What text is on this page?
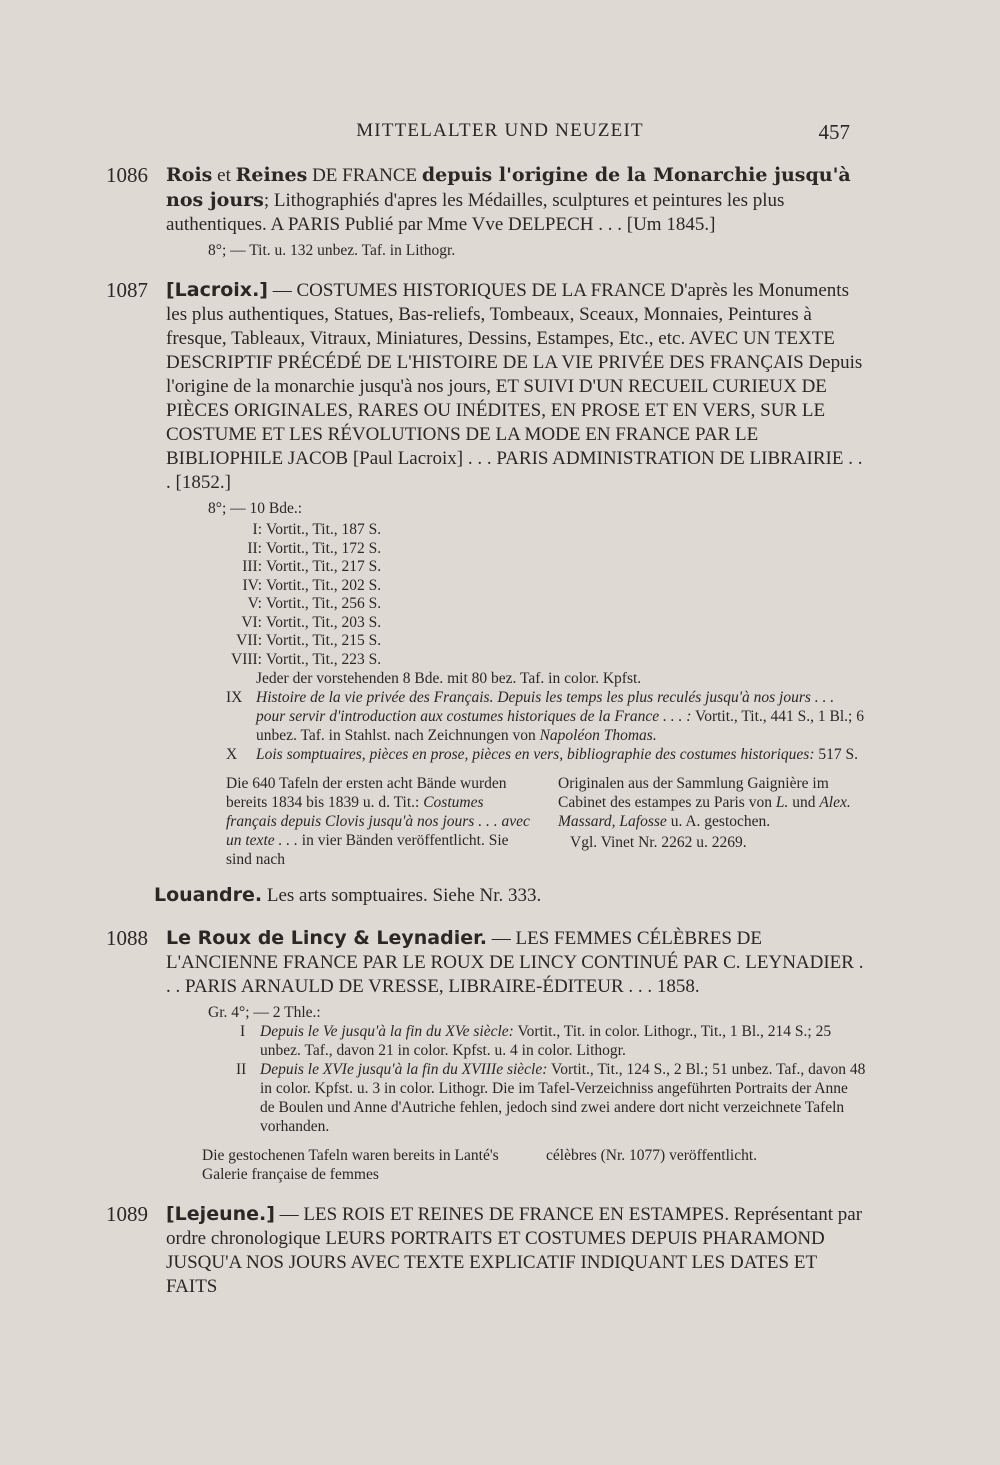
MITTELALTER UND NEUZEIT	457
1086 Rois et Reines DE FRANCE depuis l'origine de la Monarchie jusqu'à nos jours; Lithographiés d'apres les Médailles, sculptures et peintures les plus authentiques. A PARIS Publié par Mme Vve DELPECH . . . [Um 1845.]
8°; — Tit. u. 132 unbez. Taf. in Lithogr.
1087 [Lacroix.] — COSTUMES HISTORIQUES DE LA FRANCE D'après les Monuments les plus authentiques, Statues, Bas-reliefs, Tombeaux, Sceaux, Monnaies, Peintures à fresque, Tableaux, Vitraux, Miniatures, Dessins, Estampes, Etc., etc. AVEC UN TEXTE DESCRIPTIF PRÉCÉDÉ DE L'HISTOIRE DE LA VIE PRIVÉE DES FRANÇAIS Depuis l'origine de la monarchie jusqu'à nos jours, ET SUIVI D'UN RECUEIL CURIEUX DE PIÈCES ORIGINALES, RARES OU INÉDITES, EN PROSE ET EN VERS, SUR LE COSTUME ET LES RÉVOLUTIONS DE LA MODE EN FRANCE PAR LE BIBLIOPHILE JACOB [Paul Lacroix] . . . PARIS ADMINISTRATION DE LIBRAIRIE . . . [1852.]
8°; — 10 Bde.:
I: Vortit., Tit., 187 S.
II: Vortit., Tit., 172 S.
III: Vortit., Tit., 217 S.
IV: Vortit., Tit., 202 S.
V: Vortit., Tit., 256 S.
VI: Vortit., Tit., 203 S.
VII: Vortit., Tit., 215 S.
VIII: Vortit., Tit., 223 S.
Jeder der vorstehenden 8 Bde. mit 80 bez. Taf. in color. Kpfst.
IX Histoire de la vie privée des Français. Depuis les temps les plus reculés jusqu'à nos jours . . . pour servir d'introduction aux costumes historiques de la France . . . : Vortit., Tit., 441 S., 1 Bl.; 6 unbez. Taf. in Stahlst. nach Zeichnungen von Napoléon Thomas.
X Lois somptuaires, pièces en prose, pièces en vers, bibliographie des costumes historiques: 517 S.
Die 640 Tafeln der ersten acht Bände wurden bereits 1834 bis 1839 u. d. Tit.: Costumes français depuis Clovis jusqu'à nos jours . . . avec un texte . . . in vier Bänden veröffentlicht. Sie sind nach
Originalen aus der Sammlung Gaignière im Cabinet des estampes zu Paris von L. und Alex. Massard, Lafosse u. A. gestochen.
Vgl. Vinet Nr. 2262 u. 2269.
Louandre. Les arts somptuaires. Siehe Nr. 333.
1088 Le Roux de Lincy & Leynadier. — LES FEMMES CÉLÈBRES DE L'ANCIENNE FRANCE PAR LE ROUX DE LINCY CONTINUÉ PAR C. LEYNADIER . . . PARIS ARNAULD DE VRESSE, LIBRAIRE-ÉDITEUR . . . 1858.
Gr. 4°; — 2 Thle.:
I Depuis le Ve jusqu'à la fin du XVe siècle: Vortit., Tit. in color. Lithogr., Tit., 1 Bl., 214 S.; 25 unbez. Taf., davon 21 in color. Kpfst. u. 4 in color. Lithogr.
II Depuis le XVIe jusqu'à la fin du XVIIIe siècle: Vortit., Tit., 124 S., 2 Bl.; 51 unbez. Taf., davon 48 in color. Kpfst. u. 3 in color. Lithogr. Die im Tafel-Verzeichniss angeführten Portraits der Anne de Boulen und Anne d'Autriche fehlen, jedoch sind zwei andere dort nicht verzeichnete Tafeln vorhanden.
Die gestochenen Tafeln waren bereits in Lanté's Galerie française de femmes
célèbres (Nr. 1077) veröffentlicht.
1089 [Lejeune.] — LES ROIS ET REINES DE FRANCE EN ESTAMPES. Représentant par ordre chronologique LEURS PORTRAITS ET COSTUMES DEPUIS PHARAMOND JUSQU'A NOS JOURS AVEC TEXTE EXPLICATIF INDIQUANT LES DATES ET FAITS
